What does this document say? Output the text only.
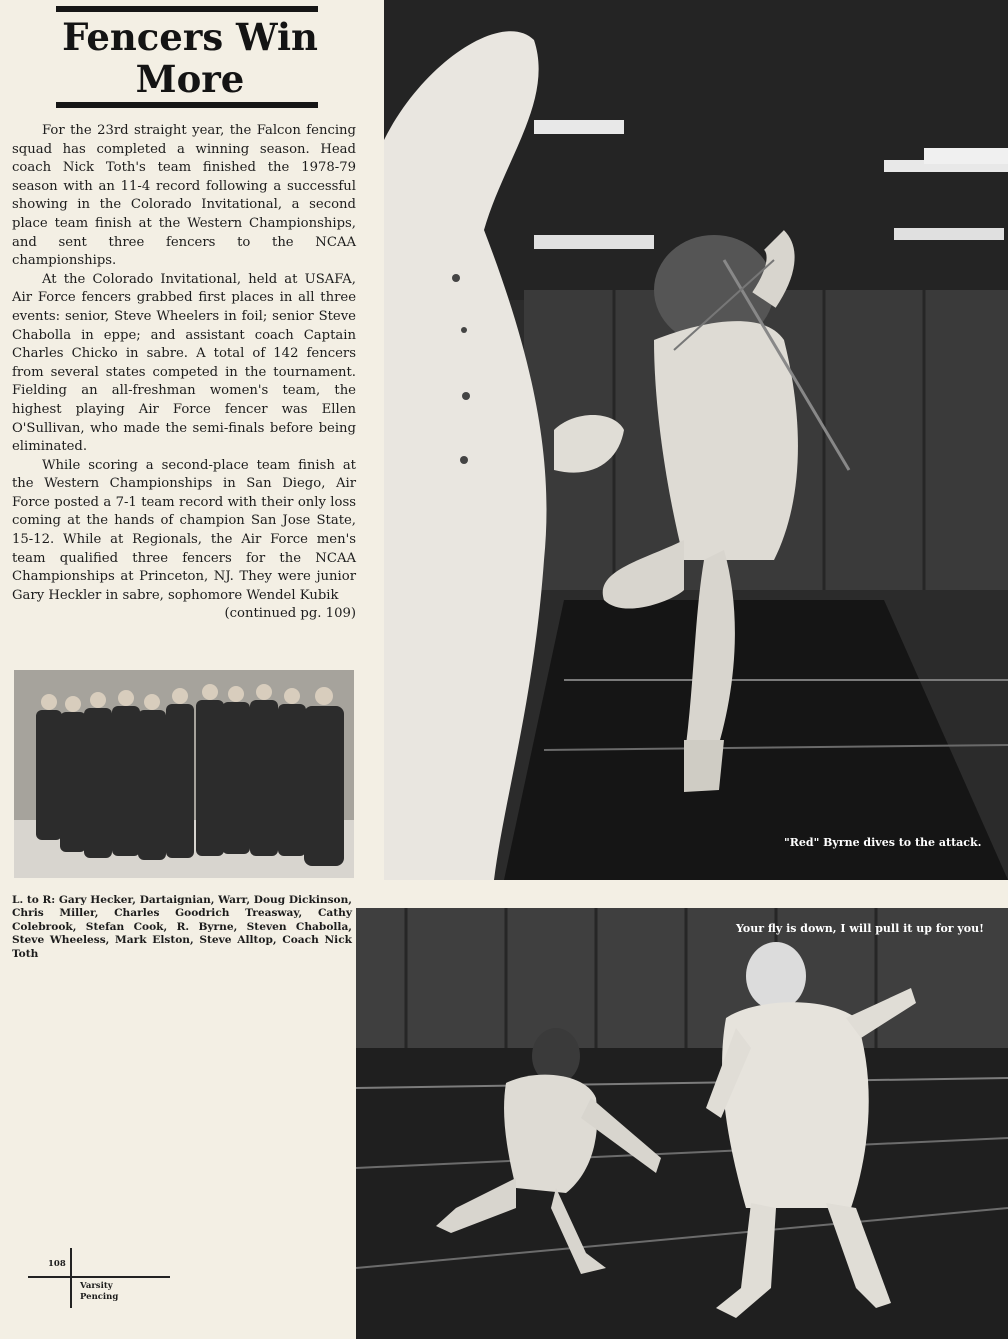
Fencers Win
More

For the 23rd straight year, the Falcon fencing squad has completed a winning season. Head coach Nick Toth's team finished the 1978-79 season with an 11-4 record following a successful showing in the Colorado Invitational, a second place team finish at the Western Championships, and sent three fencers to the NCAA championships.

At the Colorado Invitational, held at USAFA, Air Force fencers grabbed first places in all three events: senior, Steve Wheelers in foil; senior Steve Chabolla in eppe; and assistant coach Captain Charles Chicko in sabre. A total of 142 fencers from several states competed in the tournament. Fielding an all-freshman women's team, the highest playing Air Force fencer was Ellen O'Sullivan, who made the semi-finals before being eliminated.

While scoring a second-place team finish at the Western Championships in San Diego, Air Force posted a 7-1 team record with their only loss coming at the hands of champion San Jose State, 15-12. While at Regionals, the Air Force men's team qualified three fencers for the NCAA Championships at Princeton, NJ. They were junior Gary Heckler in sabre, sophomore Wendel Kubik

(continued pg. 109)

"Red" Byrne dives to the attack.
L. to R: Gary Hecker, Dartaignian, Warr, Doug Dickinson, Chris Miller, Charles Goodrich Treasway, Cathy Colebrook, Stefan Cook, R. Byrne, Steven Chabolla, Steve Wheeless, Mark Elston, Steve Alltop, Coach Nick Toth
Your fly is down, I will pull it up for you!
108
Varsity
Pencing
